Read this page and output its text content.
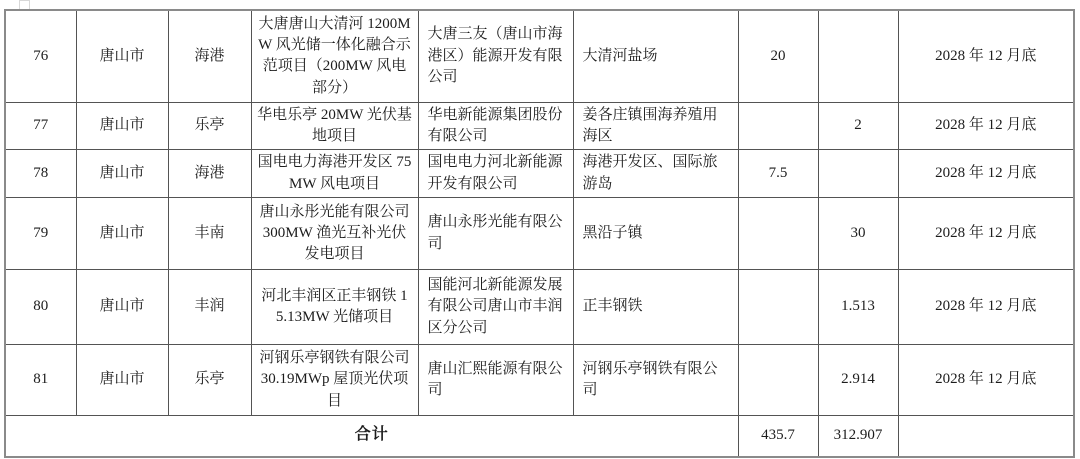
76	唐山市	海港	大唐唐山大清河 1200MW 风光储一体化融合示范项目（200MW 风电部分）	大唐三友（唐山市海港区）能源开发有限公司	大清河盐场	20		2028 年 12 月底
77	唐山市	乐亭	华电乐亭 20MW 光伏基地项目	华电新能源集团股份有限公司	姜各庄镇围海养殖用海区		2	2028 年 12 月底
78	唐山市	海港	国电电力海港开发区 75MW 风电项目	国电电力河北新能源开发有限公司	海港开发区、国际旅游岛	7.5		2028 年 12 月底
79	唐山市	丰南	唐山永彤光能有限公司 300MW 渔光互补光伏发电项目	唐山永彤光能有限公司	黑沿子镇		30	2028 年 12 月底
80	唐山市	丰润	河北丰润区正丰钢铁 15.13MW 光储项目	国能河北新能源发展有限公司唐山市丰润区分公司	正丰钢铁		1.513	2028 年 12 月底
81	唐山市	乐亭	河钢乐亭钢铁有限公司 30.19MWp 屋顶光伏项目	唐山汇熙能源有限公司	河钢乐亭钢铁有限公司		2.914	2028 年 12 月底
合计						435.7	312.907	
